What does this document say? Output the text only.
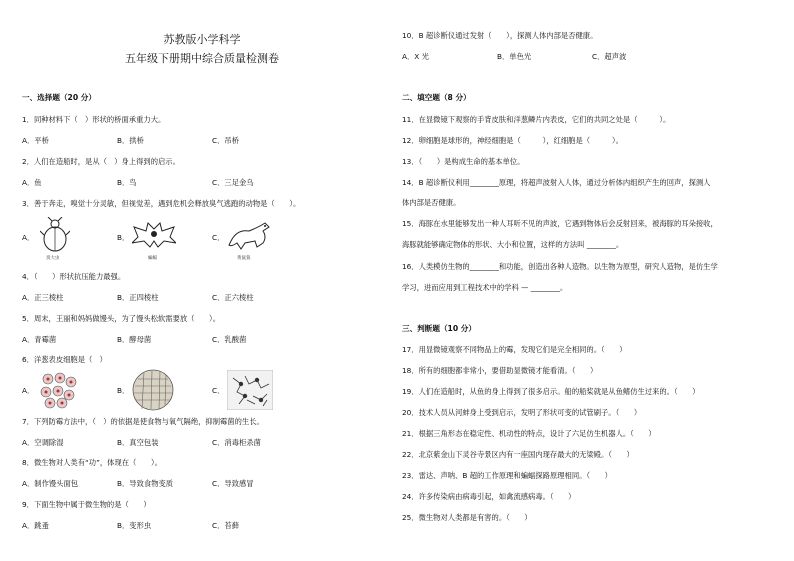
苏教版小学科学
五年级下册期中综合质量检测卷
一、选择题（20 分）
1．同种材料下（　）形状的桥面承重力大。
A．平桥	B．拱桥	C．吊桥
2．人们在造船时，是从（　）身上得到的启示。
A．鱼	B．鸟	C．三足金乌
3．善于奔走，嗅觉十分灵敏，但视觉差，遇到危机会释放臭气逃跑的动物是（　　）。
A．
臭大虫
B．
蝙蝠
C．
黄鼠狼
4．（　　）形状抗压能力最强。
A．正三棱柱	B．正四棱柱	C．正六棱柱
5．周末，王丽和妈妈做馒头，为了馒头松软需要放（　　）。
A．青霉菌	B．酵母菌	C．乳酸菌
6．洋葱表皮细胞是（　）
A．	B．	C．
7．下列防霉方法中，（　）的依据是使食物与氧气隔绝，抑制霉菌的生长。
A．空调除湿	B．真空包装	C．消毒柜杀菌
8．微生物对人类有“功”，体现在（　　）。
A．制作馒头面包	B．导致食物变质	C．导致感冒
9．下面生物中属于微生物的是（　　）
A．跳蚤	B．变形虫	C．苔藓
10．B 超诊断仪通过发射（　　），探测人体内部是否健康。
A．X 光	B．单色光	C．超声波
二、填空题（8 分）
11．在显微镜下观察的手背皮肤和洋葱鳞片内表皮，它们的共同之处是（　　　）。
12．卵细胞是球形的，神经细胞是（　　　），红细胞是（　　　）。
13．（　　）是构成生命的基本单位。
14．B 超诊断仪利用________原理，将超声波射入人体，通过分析体内组织产生的回声，探测人
体内部是否健康。
15．海豚在水里能够发出一种人耳听不见的声波，它遇到物体后会反射回来，被海豚的耳朵接收，
海豚就能够确定物体的形状、大小和位置，这样的方法叫 ________。
16．人类模仿生物的________和功能，创造出各种人造物。以生物为原型，研究人造物，是仿生学
学习，进而应用到工程技术中的学科 — ________。
三、判断题（10 分）
17．用显微镜观察不同物品上的霉，发现它们是完全相同的。（　　）
18．所有的细胞都非常小，要借助显微镜才能看清。（　　）
19．人们在造船时，从鱼的身上得到了很多启示。船的船桨就是从鱼鳍仿生过来的。（　　）
20．技术人员从河蚌身上受到启示，发明了形状可变的试管刷子。（　　）
21．根据三角形态在稳定性、机动性的特点，设计了六足仿生机器人。（　　）
22．北京紫金山下灵谷寺景区内有一座国内现存最大的无梁殿。（　　）
23．雷达、声呐、B 超的工作原理和蝙蝠探路原理相同。（　　）
24．许多传染病由病毒引起，如禽流感病毒。（　　）
25．微生物对人类都是有害的。（　　）
